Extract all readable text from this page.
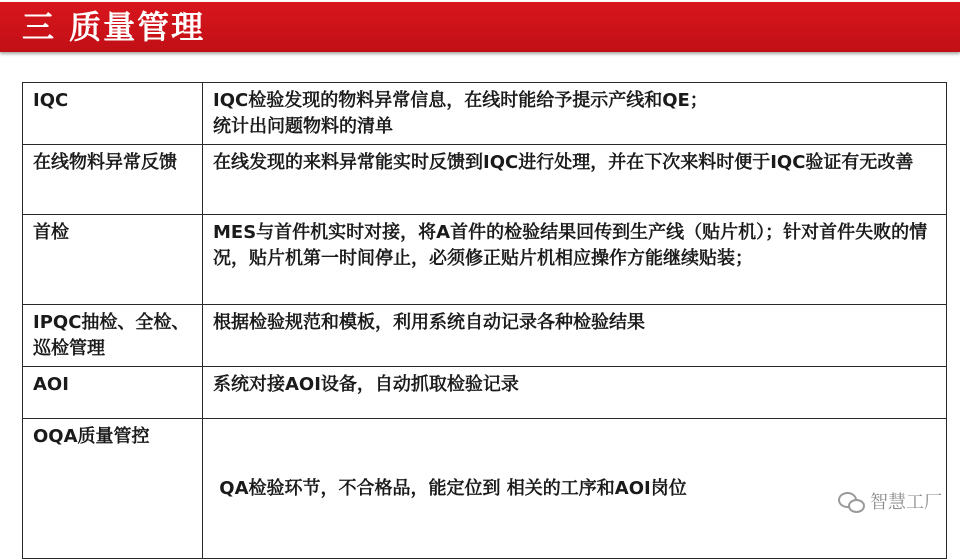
三 质量管理
IQC	IQC检验发现的物料异常信息，在线时能给予提示产线和QE；
统计出问题物料的清单

在线物料异常反馈	在线发现的来料异常能实时反馈到IQC进行处理，并在下次来料时便于IQC验证有无改善

首检	MES与首件机实时对接，将A首件的检验结果回传到生产线（贴片机）；针对首件失败的情况，贴片机第一时间停止，必须修正贴片机相应操作方能继续贴装；

IPQC抽检、全检、巡检管理	根据检验规范和模板，利用系统自动记录各种检验结果

AOI	系统对接AOI设备，自动抓取检验记录

OQA质量管控	QA检验环节，不合格品，能定位到 相关的工序和AOI岗位

智慧工厂
